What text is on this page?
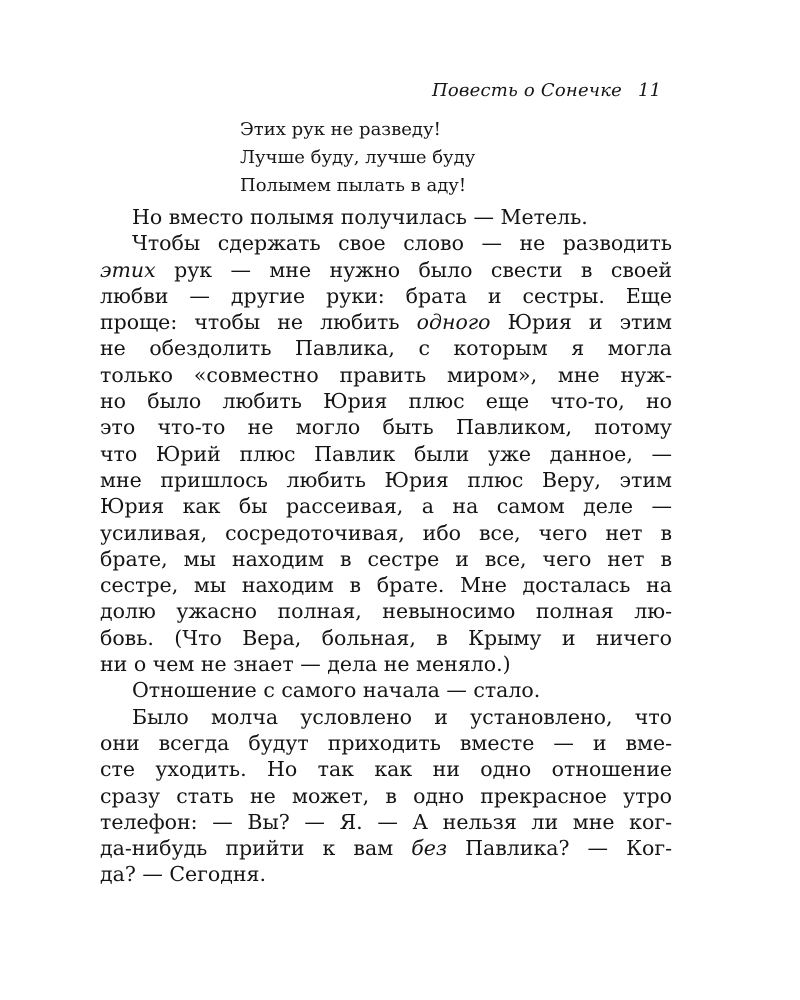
Повесть о Сонечке 11
Этих рук не разведу!
Лучше буду, лучше буду
Полымем пылать в аду!
Но вместо полымя получилась — Метель.
Чтобы сдержать свое слово — не разводить
этих рук — мне нужно было свести в своей
любви — другие руки: брата и сестры. Еще
проще: чтобы не любить одного Юрия и этим
не обездолить Павлика, с которым я могла
только «совместно править миром», мне нуж-
но было любить Юрия плюс еще что-то, но
это что-то не могло быть Павликом, потому
что Юрий плюс Павлик были уже данное, —
мне пришлось любить Юрия плюс Веру, этим
Юрия как бы рассеивая, а на самом деле —
усиливая, сосредоточивая, ибо все, чего нет в
брате, мы находим в сестре и все, чего нет в
сестре, мы находим в брате. Мне досталась на
долю ужасно полная, невыносимо полная лю-
бовь. (Что Вера, больная, в Крыму и ничего
ни о чем не знает — дела не меняло.)
Отношение с самого начала — стало.
Было молча условлено и установлено, что
они всегда будут приходить вместе — и вме-
сте уходить. Но так как ни одно отношение
сразу стать не может, в одно прекрасное утро
телефон: — Вы? — Я. — А нельзя ли мне ког-
да-нибудь прийти к вам без Павлика? — Ког-
да? — Сегодня.
